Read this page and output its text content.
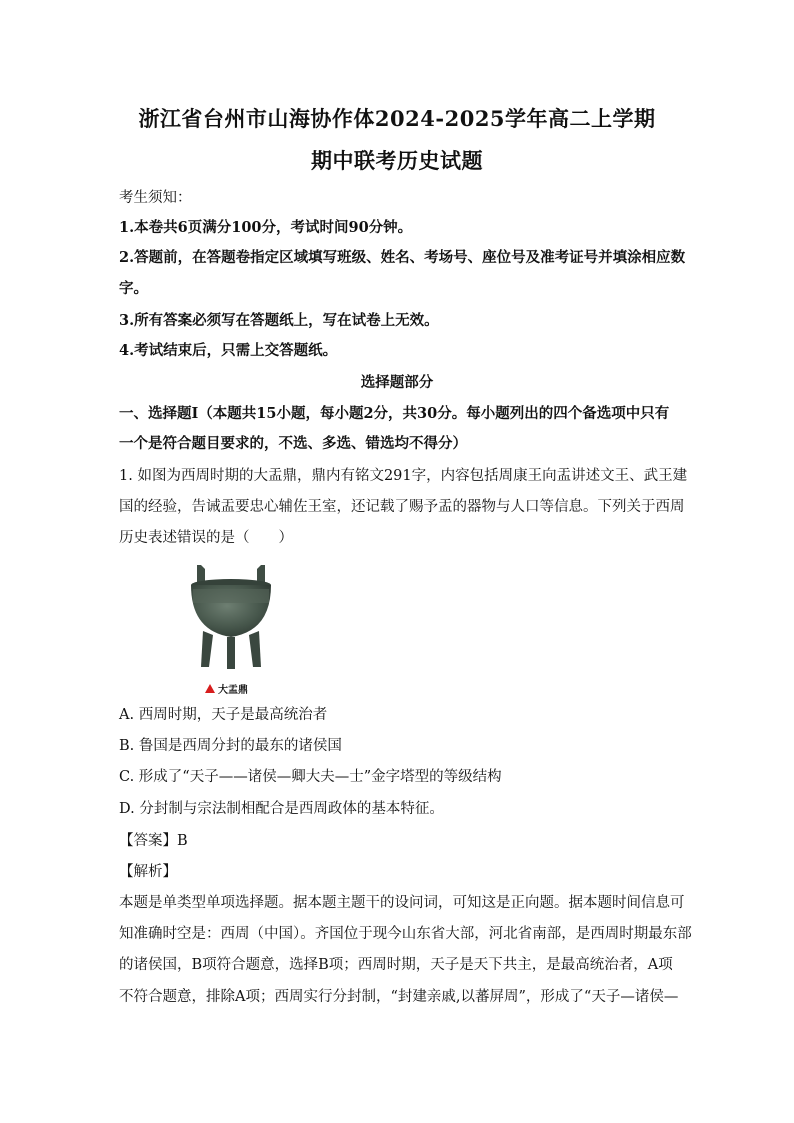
浙江省台州市山海协作体2024-2025学年高二上学期
期中联考历史试题
考生须知：
1.本卷共6页满分100分，考试时间90分钟。
2.答题前，在答题卷指定区域填写班级、姓名、考场号、座位号及准考证号并填涂相应数
字。
3.所有答案必须写在答题纸上，写在试卷上无效。
4.考试结束后，只需上交答题纸。
选择题部分
一、选择题Ⅰ（本题共15小题，每小题2分，共30分。每小题列出的四个备选项中只有
一个是符合题目要求的，不选、多选、错选均不得分）
1. 如图为西周时期的大盂鼎，鼎内有铭文291字，内容包括周康王向盂讲述文王、武王建
国的经验，告诫盂要忠心辅佐王室，还记载了赐予盂的器物与人口等信息。下列关于西周
历史表述错误的是（　　）
大盂鼎
A. 西周时期，天子是最高统治者
B. 鲁国是西周分封的最东的诸侯国
C. 形成了“天子——诸侯—卿大夫—士”金字塔型的等级结构
D. 分封制与宗法制相配合是西周政体的基本特征。
【答案】B
【解析】
本题是单类型单项选择题。据本题主题干的设问词，可知这是正向题。据本题时间信息可
知准确时空是：西周（中国）。齐国位于现今山东省大部，河北省南部，是西周时期最东部
的诸侯国，B项符合题意，选择B项；西周时期，天子是天下共主，是最高统治者，A项
不符合题意，排除A项；西周实行分封制，“封建亲戚,以蕃屏周”，形成了“天子—诸侯—
